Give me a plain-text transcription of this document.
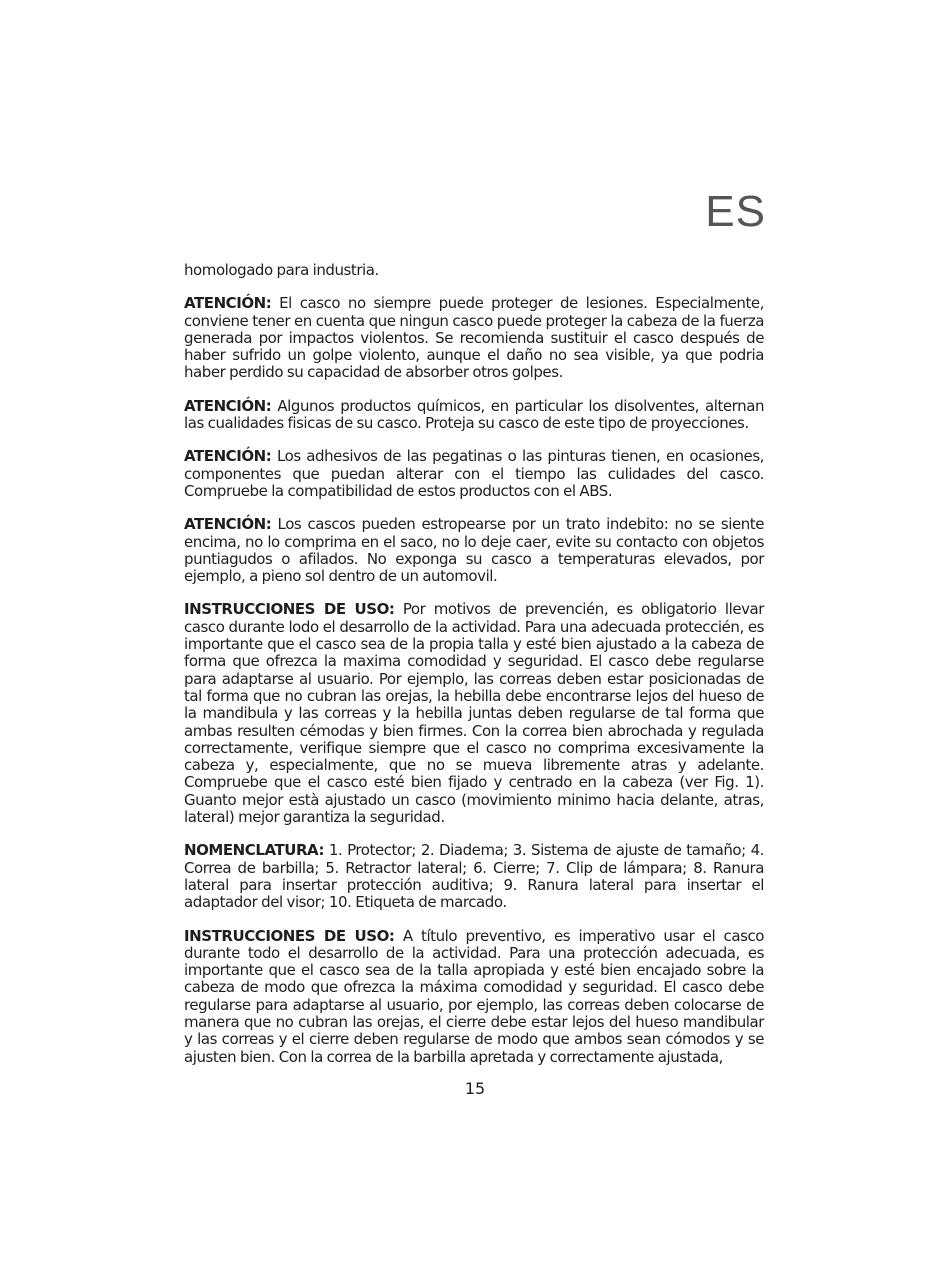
ES

homologado para industria.

ATENCIÓN: El casco no siempre puede proteger de lesiones. Especialmente, conviene tener en cuenta que ningun casco puede proteger la cabeza de la fuerza generada por impactos violentos. Se recomienda sustituir el casco después de haber sufrido un golpe violento, aunque el daño no sea visible, ya que podria haber perdido su capacidad de absorber otros golpes.

ATENCIÓN: Algunos productos químicos, en particular los disolventes, alternan las cualidades fisicas de su casco. Proteja su casco de este tipo de proyecciones.

ATENCIÓN: Los adhesivos de las pegatinas o las pinturas tienen, en ocasiones, componentes que puedan alterar con el tiempo las culidades del casco. Compruebe la compatibilidad de estos productos con el ABS.

ATENCIÓN: Los cascos pueden estropearse por un trato indebito: no se siente encima, no lo comprima en el saco, no lo deje caer, evite su contacto con objetos puntiagudos o afilados. No exponga su casco a temperaturas elevados, por ejemplo, a pieno sol dentro de un automovil.

INSTRUCCIONES DE USO: Por motivos de prevencién, es obligatorio llevar casco durante lodo el desarrollo de la actividad. Para una adecuada proteccién, es importante que el casco sea de la propia talla y esté bien ajustado a la cabeza de forma que ofrezca la maxima comodidad y seguridad. El casco debe regularse para adaptarse al usuario. Por ejemplo, las correas deben estar posicionadas de tal forma que no cubran las orejas, la hebilla debe encontrarse lejos del hueso de la mandibula y las correas y la hebilla juntas deben regularse de tal forma que ambas resulten cémodas y bien firmes. Con la correa bien abrochada y regulada correctamente, verifique siempre que el casco no comprima excesivamente la cabeza y, especialmente, que no se mueva libremente atras y adelante. Compruebe que el casco esté bien fijado y centrado en la cabeza (ver Fig. 1). Guanto mejor està ajustado un casco (movimiento minimo hacia delante, atras, lateral) mejor garantiza la seguridad.

NOMENCLATURA: 1. Protector; 2. Diadema; 3. Sistema de ajuste de tamaño; 4. Correa de barbilla; 5. Retractor lateral; 6. Cierre; 7. Clip de lámpara; 8. Ranura lateral para insertar protección auditiva; 9. Ranura lateral para insertar el adaptador del visor; 10. Etiqueta de marcado.

INSTRUCCIONES DE USO: A título preventivo, es imperativo usar el casco durante todo el desarrollo de la actividad. Para una protección adecuada, es importante que el casco sea de la talla apropiada y esté bien encajado sobre la cabeza de modo que ofrezca la máxima comodidad y seguridad. El casco debe regularse para adaptarse al usuario, por ejemplo, las correas deben colocarse de manera que no cubran las orejas, el cierre debe estar lejos del hueso mandibular y las correas y el cierre deben regularse de modo que ambos sean cómodos y se ajusten bien. Con la correa de la barbilla apretada y correctamente ajustada,

15
